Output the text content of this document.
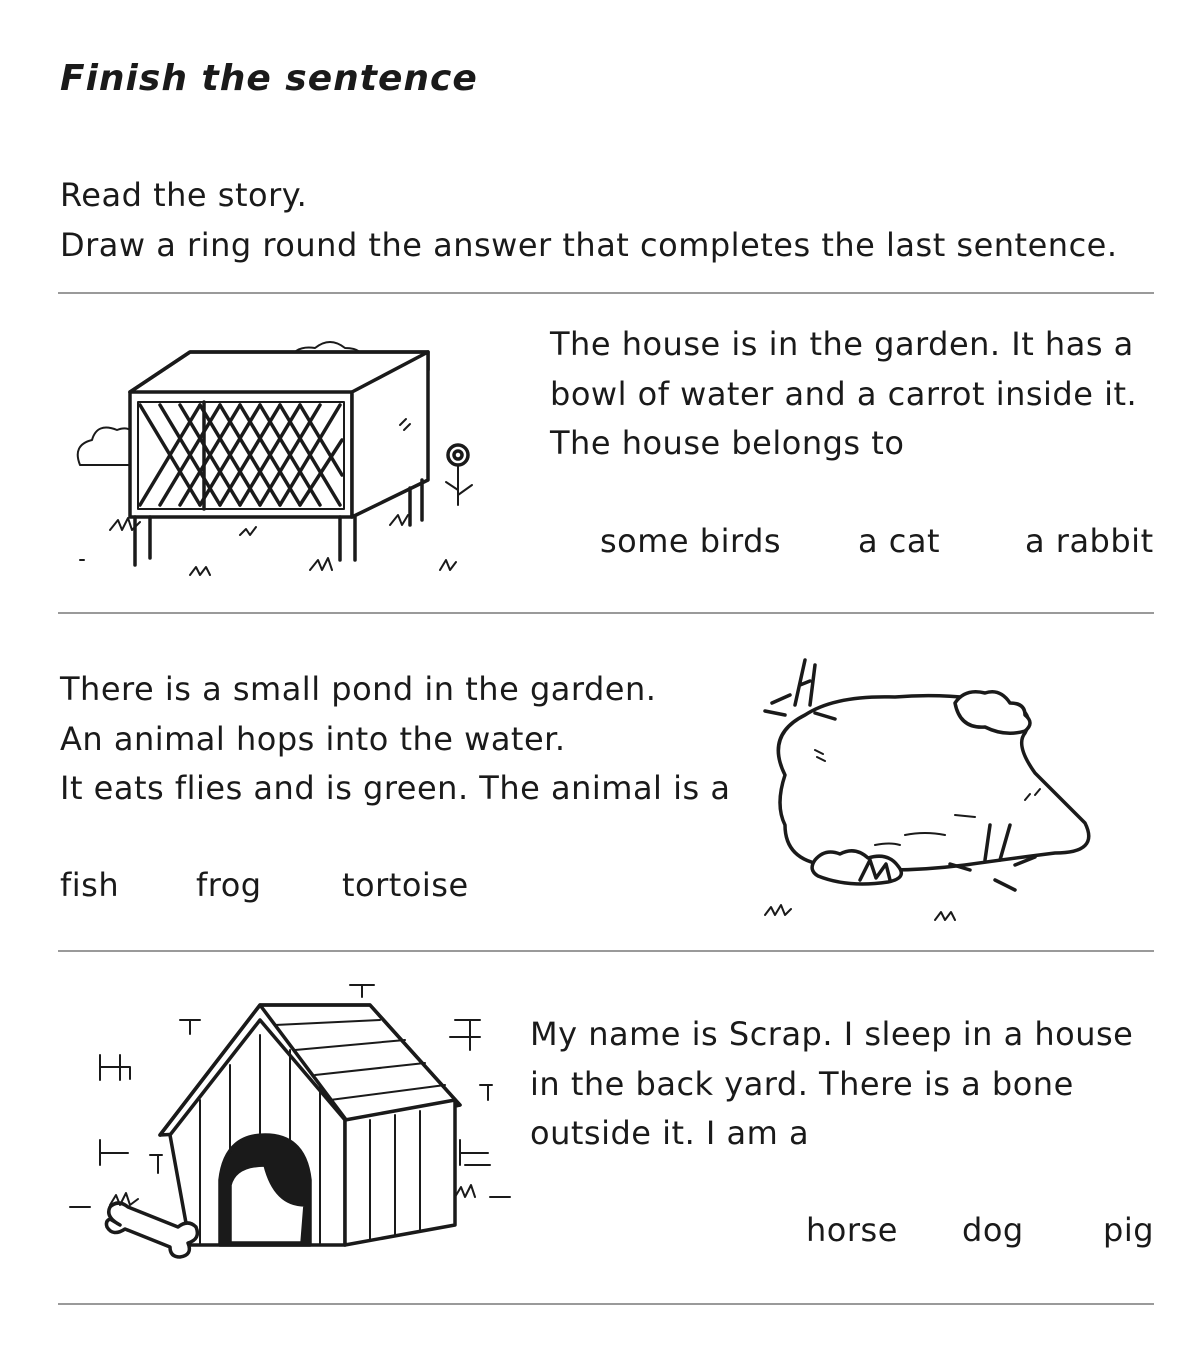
Finish the sentence
Read the story.
Draw a ring round the answer that completes the last sentence.
The house is in the garden. It has a
bowl of water and a carrot inside it.
The house belongs to
some birds a cat	a rabbit
There is a small pond in the garden.
An animal hops into the water.
It eats flies and is green. The animal is a
fish frog	tortoise
My name is Scrap. I sleep in a house
in the back yard. There is a bone
outside it. I am a
horse dog pig
